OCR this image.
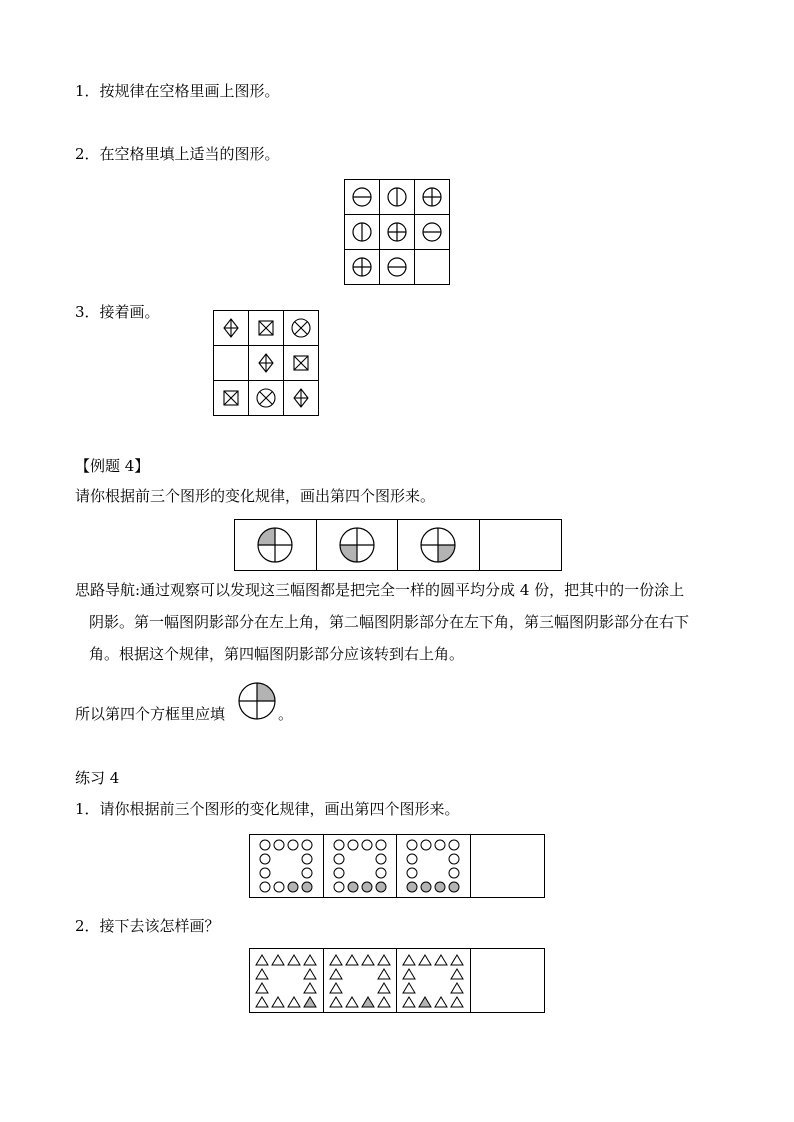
1．按规律在空格里画上图形。
2．在空格里填上适当的图形。

3．接着画。

【例题 4】
请你根据前三个图形的变化规律，画出第四个图形来。
思路导航:通过观察可以发现这三幅图都是把完全一样的圆平均分成 4 份，把其中的一份涂上
阴影。第一幅图阴影部分在左上角，第二幅图阴影部分在左下角，第三幅图阴影部分在右下
角。根据这个规律，第四幅图阴影部分应该转到右上角。
所以第四个方框里应填	。
练习 4
1．请你根据前三个图形的变化规律，画出第四个图形来。
2．接下去该怎样画？
